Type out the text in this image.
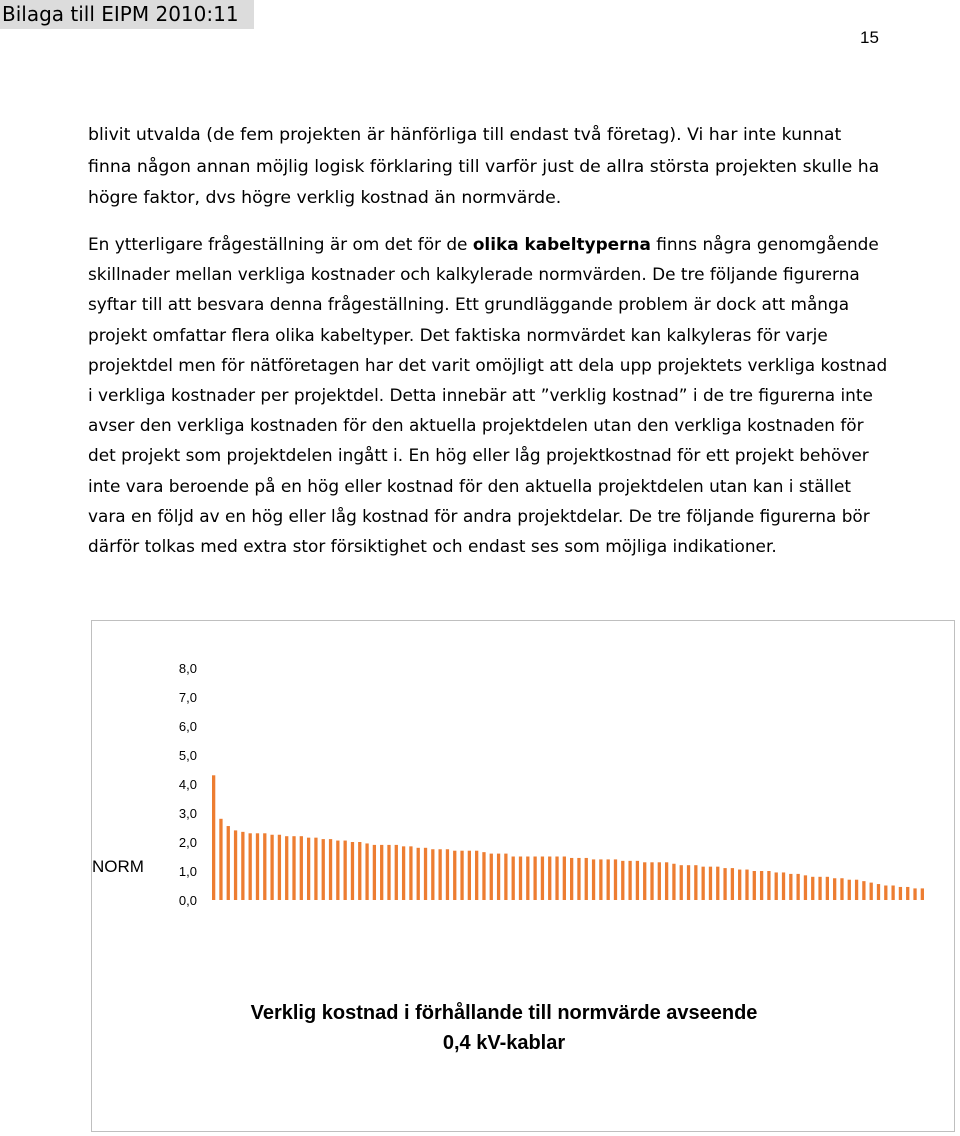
Bilaga till EIPM 2010:11
15

blivit utvalda (de fem projekten är hänförliga till endast två företag). Vi har inte kunnat finna någon annan möjlig logisk förklaring till varför just de allra största projekten skulle ha högre faktor, dvs högre verklig kostnad än normvärde.

En ytterligare frågeställning är om det för de olika kabeltyperna finns några genomgående skillnader mellan verkliga kostnader och kalkylerade normvärden. De tre följande figurerna syftar till att besvara denna frågeställning. Ett grundläggande problem är dock att många projekt omfattar flera olika kabeltyper. Det faktiska normvärdet kan kalkyleras för varje projektdel men för nätföretagen har det varit omöjligt att dela upp projektets verkliga kostnad i verkliga kostnader per projektdel. Detta innebär att ”verklig kostnad” i de tre figurerna inte avser den verkliga kostnaden för den aktuella projektdelen utan den verkliga kostnaden för det projekt som projektdelen ingått i. En hög eller låg projektkostnad för ett projekt behöver inte vara beroende på en hög eller kostnad för den aktuella projektdelen utan kan i stället vara en följd av en hög eller låg kostnad för andra projektdelar. De tre följande figurerna bör därför tolkas med extra stor försiktighet och endast ses som möjliga indikationer.

0,0
1,0
2,0
3,0
4,0
5,0
6,0
7,0
8,0
NORM
Verklig kostnad i förhållande till normvärde avseende
0,4 kV-kablar
